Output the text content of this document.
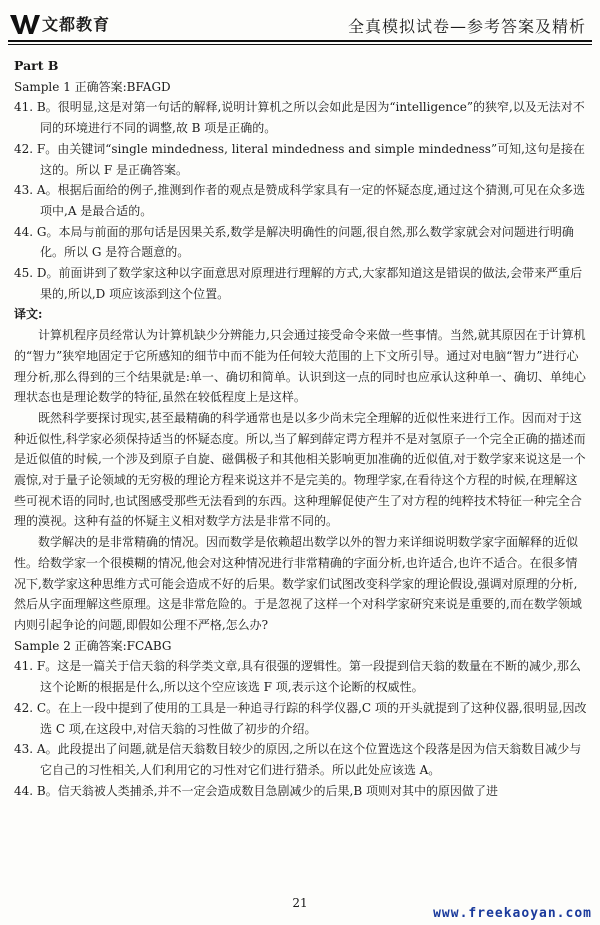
文都教育	全真模拟试卷—参考答案及精析
Part B
Sample 1 正确答案:BFAGD
41. B。很明显,这是对第一句话的解释,说明计算机之所以会如此是因为“intelligence”的狭窄,以及无法对不同的环境进行不同的调整,故 B 项是正确的。
42. F。由关键词“single mindedness, literal mindedness and simple mindedness”可知,这句是接在这的。所以 F 是正确答案。
43. A。根据后面给的例子,推测到作者的观点是赞成科学家具有一定的怀疑态度,通过这个猜测,可见在众多选项中,A 是最合适的。
44. G。本局与前面的那句话是因果关系,数学是解决明确性的问题,很自然,那么数学家就会对问题进行明确化。所以 G 是符合题意的。
45. D。前面讲到了数学家这种以字面意思对原理进行理解的方式,大家都知道这是错误的做法,会带来严重后果的,所以,D 项应该添到这个位置。
译文:
计算机程序员经常认为计算机缺少分辨能力,只会通过接受命令来做一些事情。当然,就其原因在于计算机的“智力”狭窄地固定于它所感知的细节中而不能为任何较大范围的上下文所引导。通过对电脑“智力”进行心理分析,那么得到的三个结果就是:单一、确切和简单。认识到这一点的同时也应承认这种单一、确切、单纯心理状态也是理论数学的特征,虽然在较低程度上是这样。
既然科学要探讨现实,甚至最精确的科学通常也是以多少尚未完全理解的近似性来进行工作。因而对于这种近似性,科学家必须保持适当的怀疑态度。所以,当了解到薛定谔方程并不是对氢原子一个完全正确的描述而是近似值的时候,一个涉及到原子自旋、磁偶极子和其他相关影响更加准确的近似值,对于数学家来说这是一个震惊,对于量子论领域的无穷极的理论方程来说这并不是完美的。物理学家,在看待这个方程的时候,在理解这些可视术语的同时,也试图感受那些无法看到的东西。这种理解促使产生了对方程的纯粹技术特征一种完全合理的漠视。这种有益的怀疑主义相对数学方法是非常不同的。
数学解决的是非常精确的情况。因而数学是依赖超出数学以外的智力来详细说明数学家字面解释的近似性。给数学家一个很模糊的情况,他会对这种情况进行非常精确的字面分析,也许适合,也许不适合。在很多情况下,数学家这种思维方式可能会造成不好的后果。数学家们试图改变科学家的理论假设,强调对原理的分析,然后从字面理解这些原理。这是非常危险的。于是忽视了这样一个对科学家研究来说是重要的,而在数学领域内则引起争论的问题,即假如公理不严格,怎么办?
Sample 2 正确答案:FCABG
41. F。这是一篇关于信天翁的科学类文章,具有很强的逻辑性。第一段提到信天翁的数量在不断的减少,那么这个论断的根据是什么,所以这个空应该选 F 项,表示这个论断的权威性。
42. C。在上一段中提到了使用的工具是一种追寻行踪的科学仪器,C 项的开头就提到了这种仪器,很明显,因改选 C 项,在这段中,对信天翁的习性做了初步的介绍。
43. A。此段提出了问题,就是信天翁数目较少的原因,之所以在这个位置选这个段落是因为信天翁数目减少与它自己的习性相关,人们利用它的习性对它们进行猎杀。所以此处应该选 A。
44. B。信天翁被人类捕杀,并不一定会造成数目急剧减少的后果,B 项则对其中的原因做了进
21
www.freekaoyan.com
